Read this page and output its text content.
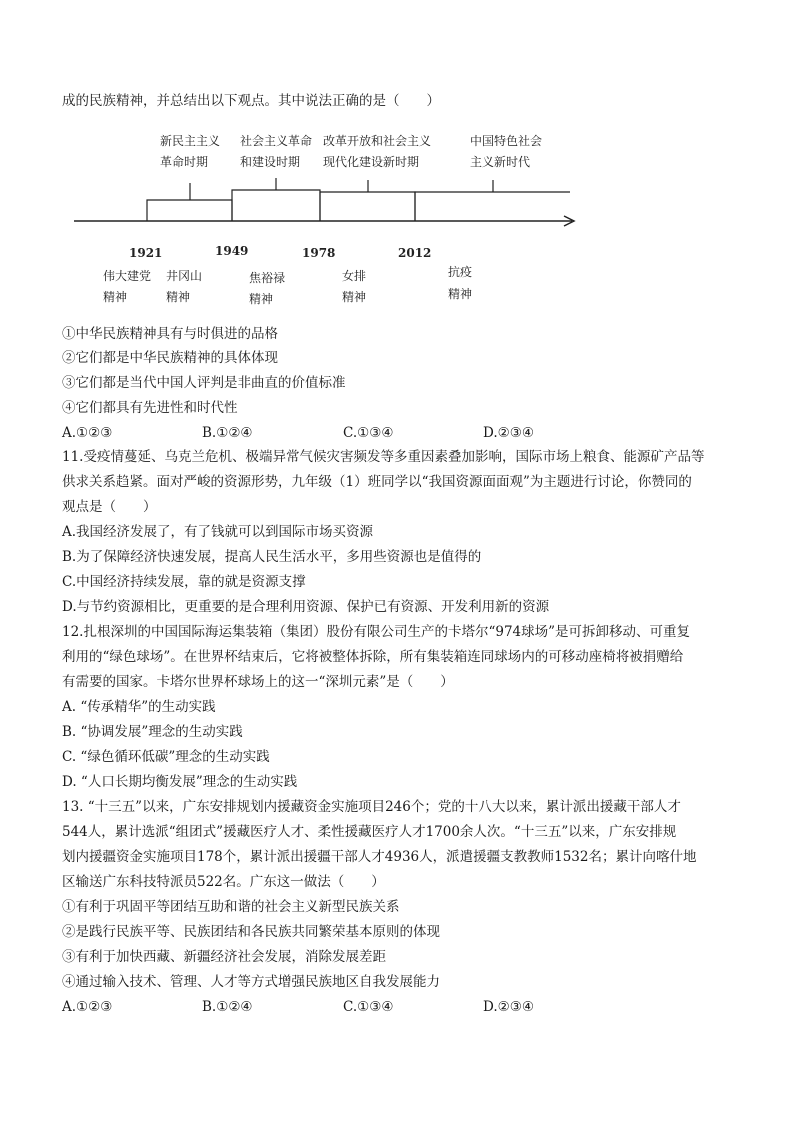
成的民族精神，并总结出以下观点。其中说法正确的是（　　）
新民主主义
革命时期
社会主义革命
和建设时期
改革开放和社会主义
现代化建设新时期
中国特色社会
主义新时代
1921	1949	1978	2012
伟大建党
精神
井冈山
精神
焦裕禄
精神
女排
精神
抗疫
精神
①中华民族精神具有与时俱进的品格
②它们都是中华民族精神的具体体现
③它们都是当代中国人评判是非曲直的价值标准
④它们都具有先进性和时代性
A.①②③	B.①②④	C.①③④	D.②③④
11.受疫情蔓延、乌克兰危机、极端异常气候灾害频发等多重因素叠加影响，国际市场上粮食、能源矿产品等
供求关系趋紧。面对严峻的资源形势，九年级（1）班同学以“我国资源面面观”为主题进行讨论，你赞同的
观点是（　　）
A.我国经济发展了，有了钱就可以到国际市场买资源
B.为了保障经济快速发展，提高人民生活水平，多用些资源也是值得的
C.中国经济持续发展，靠的就是资源支撑
D.与节约资源相比，更重要的是合理利用资源、保护已有资源、开发利用新的资源
12.扎根深圳的中国国际海运集装箱（集团）股份有限公司生产的卡塔尔“974球场”是可拆卸移动、可重复
利用的“绿色球场”。在世界杯结束后，它将被整体拆除，所有集装箱连同球场内的可移动座椅将被捐赠给
有需要的国家。卡塔尔世界杯球场上的这一“深圳元素”是（　　）
A. “传承精华”的生动实践
B. “协调发展”理念的生动实践
C. “绿色循环低碳”理念的生动实践
D. “人口长期均衡发展”理念的生动实践
13. “十三五”以来，广东安排规划内援藏资金实施项目246个；党的十八大以来，累计派出援藏干部人才
544人，累计选派“组团式”援藏医疗人才、柔性援藏医疗人才1700余人次。“十三五”以来，广东安排规
划内援疆资金实施项目178个，累计派出援疆干部人才4936人，派遣援疆支教教师1532名；累计向喀什地
区输送广东科技特派员522名。广东这一做法（　　）
①有利于巩固平等团结互助和谐的社会主义新型民族关系
②是践行民族平等、民族团结和各民族共同繁荣基本原则的体现
③有利于加快西藏、新疆经济社会发展，消除发展差距
④通过输入技术、管理、人才等方式增强民族地区自我发展能力
A.①②③	B.①②④	C.①③④	D.②③④
